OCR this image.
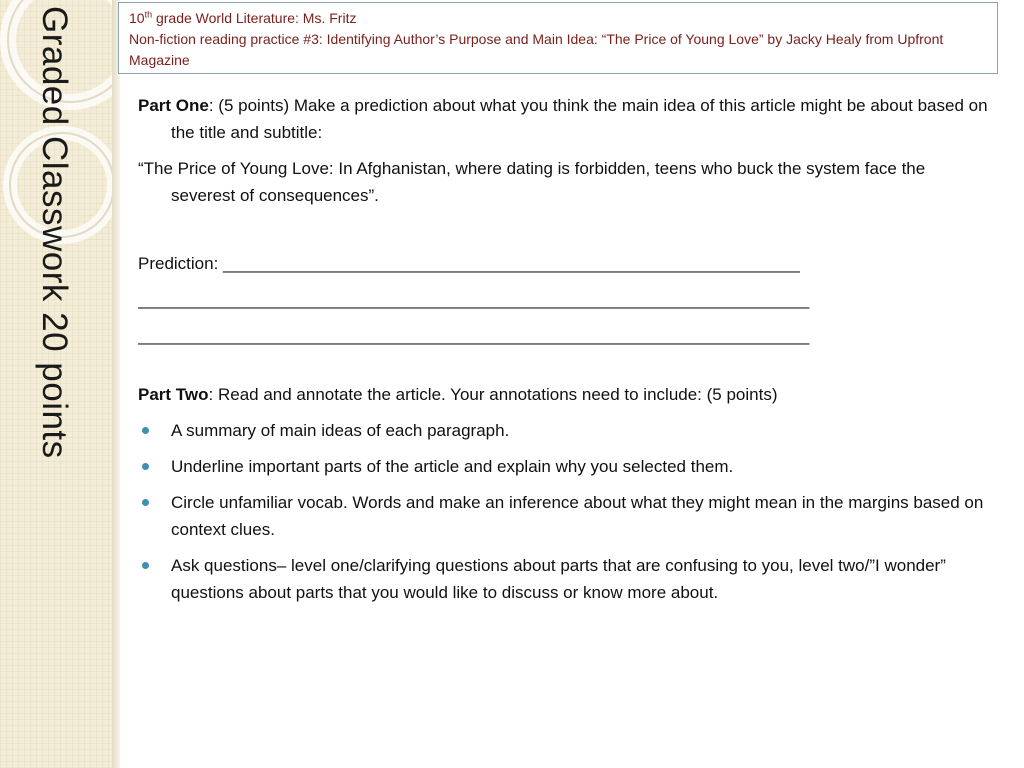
Graded Classwork 20 points	10th grade World Literature: Ms. Fritz
Non-fiction reading practice #3: Identifying Author’s Purpose and Main Idea: “The Price of Young Love” by Jacky Healy from Upfront Magazine

Part One: (5 points) Make a prediction about what you think the main idea of this article might be about based on the title and subtitle:

“The Price of Young Love: In Afghanistan, where dating is forbidden, teens who buck the system face the severest of consequences”.

Prediction: _____________________________________________________________

_______________________________________________________________________

_______________________________________________________________________

Part Two: Read and annotate the article. Your annotations need to include: (5 points)

A summary of main ideas of each paragraph.
Underline important parts of the article and explain why you selected them.
Circle unfamiliar vocab. Words and make an inference about what they might mean in the margins based on context clues.
Ask questions– level one/clarifying questions about parts that are confusing to you, level two/”I wonder” questions about parts that you would like to discuss or know more about.
